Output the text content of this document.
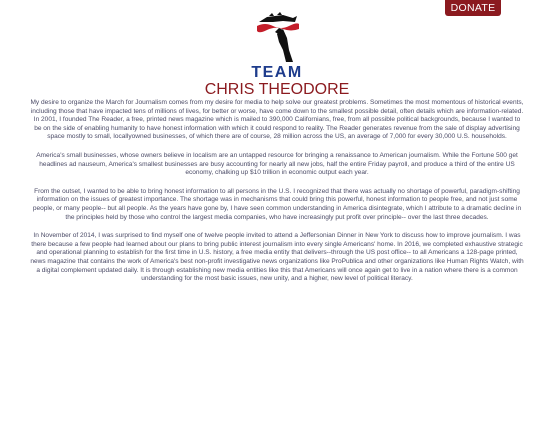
DONATE
TEAM
CHRIS THEODORE

My desire to organize the March for Journalism comes from my desire for media to help solve our greatest problems. Sometimes the most momentous of historical events, including those that have impacted tens of millions of lives, for better or worse, have come down to the smallest possible detail, often details which are information-related. In 2001, I founded The Reader, a free, printed news magazine which is mailed to 390,000 Californians, free, from all possible political backgrounds, because I wanted to be on the side of enabling humanity to have honest information with which it could respond to reality. The Reader generates revenue from the sale of display advertising space mostly to small, locallyowned businesses, of which there are of course, 28 million across the US, an average of 7,000 for every 30,000 U.S. households.

America's small businesses, whose owners believe in localism are an untapped resource for bringing a renaissance to American journalism. While the Fortune 500 get headlines ad nauseum, America's smallest businesses are busy accounting for nearly all new jobs, half the entire Friday payroll, and produce a third of the entire US economy, chalking up $10 trillion in economic output each year.

From the outset, I wanted to be able to bring honest information to all persons in the U.S. I recognized that there was actually no shortage of powerful, paradigm-shifting information on the issues of greatest importance. The shortage was in mechanisms that could bring this powerful, honest information to people free, and not just some people, or many people-- but all people. As the years have gone by, I have seen common understanding in America disintegrate, which I attribute to a dramatic decline in the principles held by those who control the largest media companies, who have increasingly put profit over principle-- over the last three decades.

In November of 2014, I was surprised to find myself one of twelve people invited to attend a Jeffersonian Dinner in New York to discuss how to improve journalism. I was there because a few people had learned about our plans to bring public interest journalism into every single Americans' home. In 2016, we completed exhaustive strategic and operational planning to establish for the first time in U.S. history, a free media entity that delivers--through the US post office-- to all Americans a 128-page printed, news magazine that contains the work of America's best non-profit investigative news organizations like ProPublica and other organizations like Human Rights Watch, with a digital complement updated daily. It is through establishing new media entities like this that Americans will once again get to live in a nation where there is a common understanding for the most basic issues, new unity, and a higher, new level of political literacy.
